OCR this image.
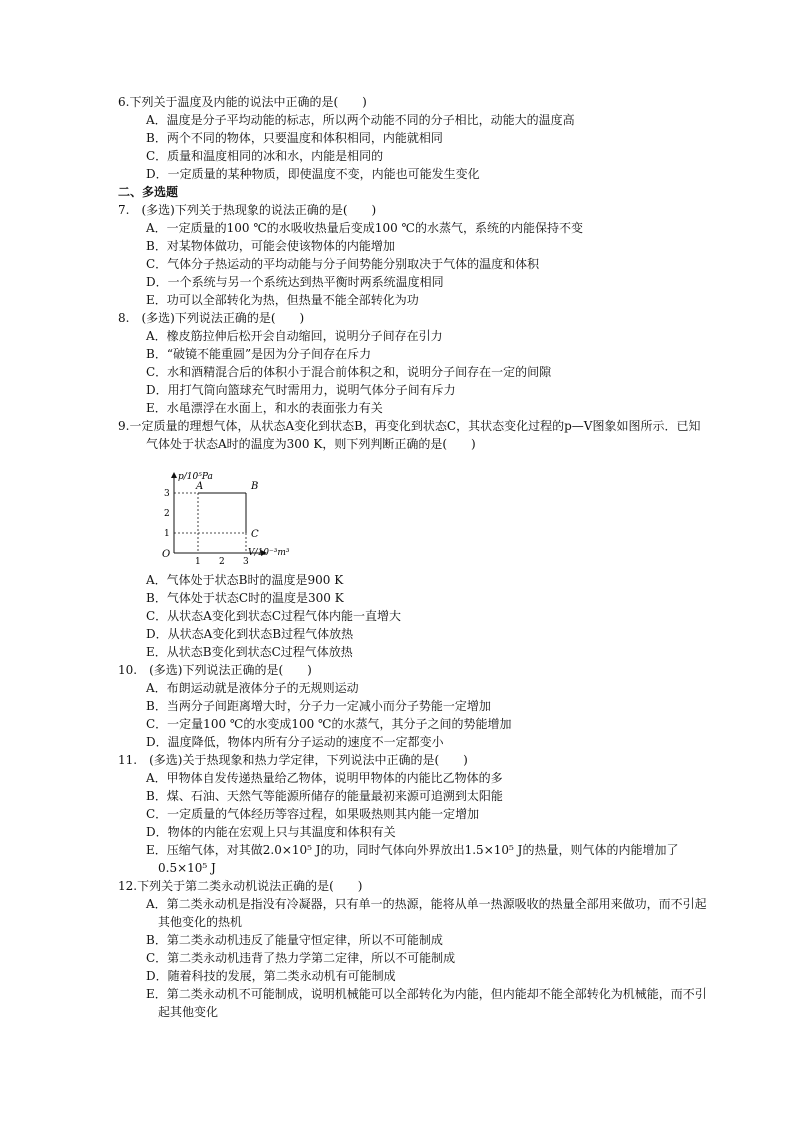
6.下列关于温度及内能的说法中正确的是(　　)

A．温度是分子平均动能的标志，所以两个动能不同的分子相比，动能大的温度高

B．两个不同的物体，只要温度和体积相同，内能就相同

C．质量和温度相同的冰和水，内能是相同的

D．一定质量的某种物质，即使温度不变，内能也可能发生变化

二、多选题

7.　(多选)下列关于热现象的说法正确的是(　　)

A．一定质量的100 ℃的水吸收热量后变成100 ℃的水蒸气，系统的内能保持不变

B．对某物体做功，可能会使该物体的内能增加

C．气体分子热运动的平均动能与分子间势能分别取决于气体的温度和体积

D．一个系统与另一个系统达到热平衡时两系统温度相同

E．功可以全部转化为热，但热量不能全部转化为功

8.　(多选)下列说法正确的是(　　)

A．橡皮筋拉伸后松开会自动缩回，说明分子间存在引力

B．“破镜不能重圆”是因为分子间存在斥力

C．水和酒精混合后的体积小于混合前体积之和，说明分子间存在一定的间隙

D．用打气筒向篮球充气时需用力，说明气体分子间有斥力

E．水黾漂浮在水面上，和水的表面张力有关

9.一定质量的理想气体，从状态A变化到状态B，再变化到状态C，其状态变化过程的p—V图象如图所示．已知气体处于状态A时的温度为300 K，则下列判断正确的是(　　)

O
p/10⁵Pa
V/10⁻³m³
1 2 3
1
2
3
A	B
C

A．气体处于状态B时的温度是900 K

B．气体处于状态C时的温度是300 K

C．从状态A变化到状态C过程气体内能一直增大

D．从状态A变化到状态B过程气体放热

E．从状态B变化到状态C过程气体放热

10.　(多选)下列说法正确的是(　　)

A．布朗运动就是液体分子的无规则运动

B．当两分子间距离增大时，分子力一定减小而分子势能一定增加

C．一定量100 ℃的水变成100 ℃的水蒸气，其分子之间的势能增加

D．温度降低，物体内所有分子运动的速度不一定都变小

11.　(多选)关于热现象和热力学定律，下列说法中正确的是(　　)

A．甲物体自发传递热量给乙物体，说明甲物体的内能比乙物体的多

B．煤、石油、天然气等能源所储存的能量最初来源可追溯到太阳能

C．一定质量的气体经历等容过程，如果吸热则其内能一定增加

D．物体的内能在宏观上只与其温度和体积有关

E．压缩气体，对其做2.0×10⁵ J的功，同时气体向外界放出1.5×10⁵ J的热量，则气体的内能增加了0.5×10⁵ J

12.下列关于第二类永动机说法正确的是(　　)

A．第二类永动机是指没有冷凝器，只有单一的热源，能将从单一热源吸收的热量全部用来做功，而不引起其他变化的热机

B．第二类永动机违反了能量守恒定律，所以不可能制成

C．第二类永动机违背了热力学第二定律，所以不可能制成

D．随着科技的发展，第二类永动机有可能制成

E．第二类永动机不可能制成，说明机械能可以全部转化为内能，但内能却不能全部转化为机械能，而不引起其他变化
